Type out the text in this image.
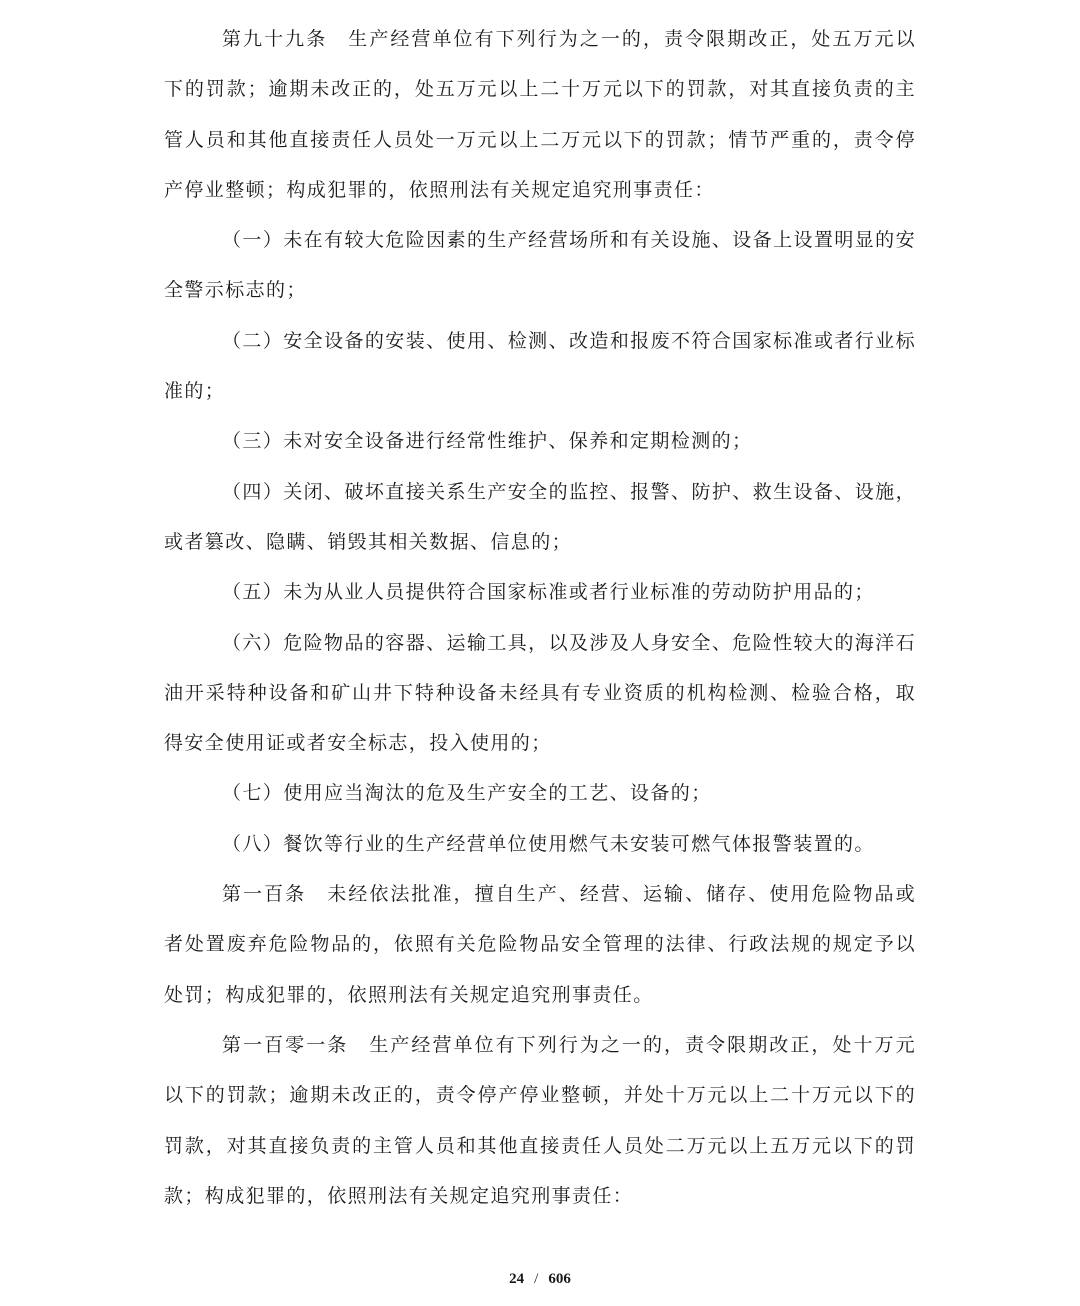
第九十九条 生产经营单位有下列行为之一的，责令限期改正，处五万元以下的罚款；逾期未改正的，处五万元以上二十万元以下的罚款，对其直接负责的主管人员和其他直接责任人员处一万元以上二万元以下的罚款；情节严重的，责令停产停业整顿；构成犯罪的，依照刑法有关规定追究刑事责任：

（一）未在有较大危险因素的生产经营场所和有关设施、设备上设置明显的安全警示标志的；

（二）安全设备的安装、使用、检测、改造和报废不符合国家标准或者行业标准的；

（三）未对安全设备进行经常性维护、保养和定期检测的；

（四）关闭、破坏直接关系生产安全的监控、报警、防护、救生设备、设施，或者篡改、隐瞒、销毁其相关数据、信息的；

（五）未为从业人员提供符合国家标准或者行业标准的劳动防护用品的；

（六）危险物品的容器、运输工具，以及涉及人身安全、危险性较大的海洋石油开采特种设备和矿山井下特种设备未经具有专业资质的机构检测、检验合格，取得安全使用证或者安全标志，投入使用的；

（七）使用应当淘汰的危及生产安全的工艺、设备的；

（八）餐饮等行业的生产经营单位使用燃气未安装可燃气体报警装置的。

第一百条 未经依法批准，擅自生产、经营、运输、储存、使用危险物品或者处置废弃危险物品的，依照有关危险物品安全管理的法律、行政法规的规定予以处罚；构成犯罪的，依照刑法有关规定追究刑事责任。

第一百零一条 生产经营单位有下列行为之一的，责令限期改正，处十万元以下的罚款；逾期未改正的，责令停产停业整顿，并处十万元以上二十万元以下的罚款，对其直接负责的主管人员和其他直接责任人员处二万元以上五万元以下的罚款；构成犯罪的，依照刑法有关规定追究刑事责任：

24 / 606
